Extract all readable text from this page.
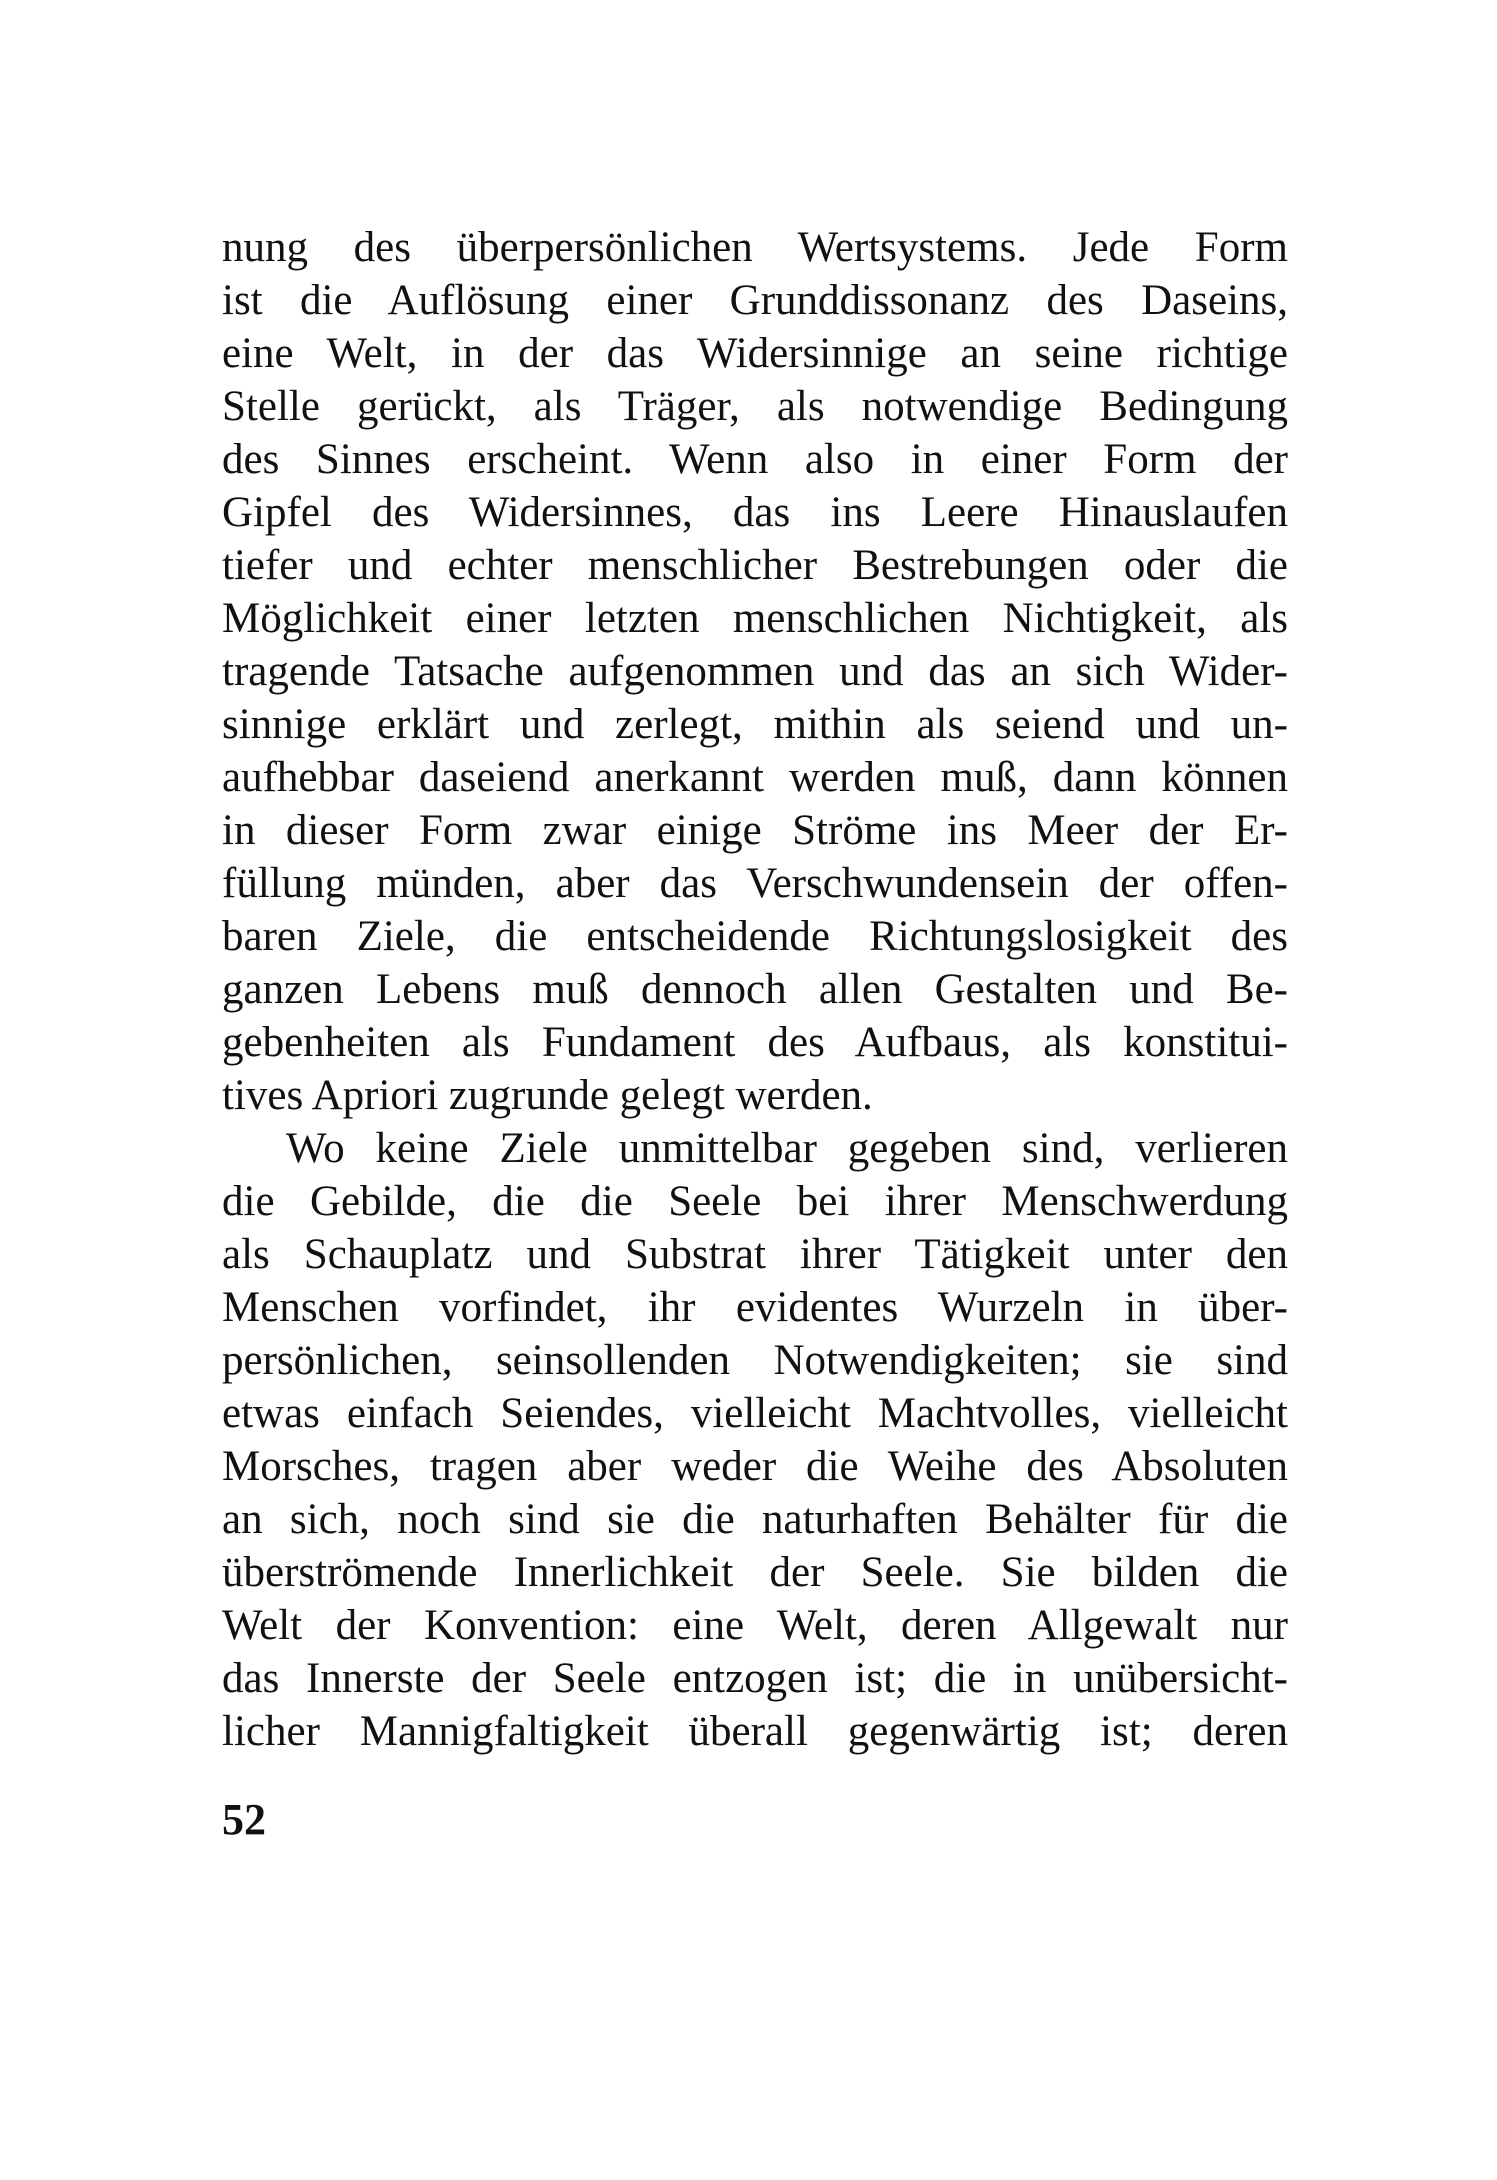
nung des überpersönlichen Wertsystems. Jede Form
ist die Auflösung einer Grunddissonanz des Daseins,
eine Welt, in der das Widersinnige an seine richtige
Stelle gerückt, als Träger, als notwendige Bedingung
des Sinnes erscheint. Wenn also in einer Form der
Gipfel des Widersinnes, das ins Leere Hinauslaufen
tiefer und echter menschlicher Bestrebungen oder die
Möglichkeit einer letzten menschlichen Nichtigkeit, als
tragende Tatsache aufgenommen und das an sich Wider-
sinnige erklärt und zerlegt, mithin als seiend und un-
aufhebbar daseiend anerkannt werden muß, dann können
in dieser Form zwar einige Ströme ins Meer der Er-
füllung münden, aber das Verschwundensein der offen-
baren Ziele, die entscheidende Richtungslosigkeit des
ganzen Lebens muß dennoch allen Gestalten und Be-
gebenheiten als Fundament des Aufbaus, als konstitui-
tives Apriori zugrunde gelegt werden.
Wo keine Ziele unmittelbar gegeben sind, verlieren
die Gebilde, die die Seele bei ihrer Menschwerdung
als Schauplatz und Substrat ihrer Tätigkeit unter den
Menschen vorfindet, ihr evidentes Wurzeln in über-
persönlichen, seinsollenden Notwendigkeiten; sie sind
etwas einfach Seiendes, vielleicht Machtvolles, vielleicht
Morsches, tragen aber weder die Weihe des Absoluten
an sich, noch sind sie die naturhaften Behälter für die
überströmende Innerlichkeit der Seele. Sie bilden die
Welt der Konvention: eine Welt, deren Allgewalt nur
das Innerste der Seele entzogen ist; die in unübersicht-
licher Mannigfaltigkeit überall gegenwärtig ist; deren
52
